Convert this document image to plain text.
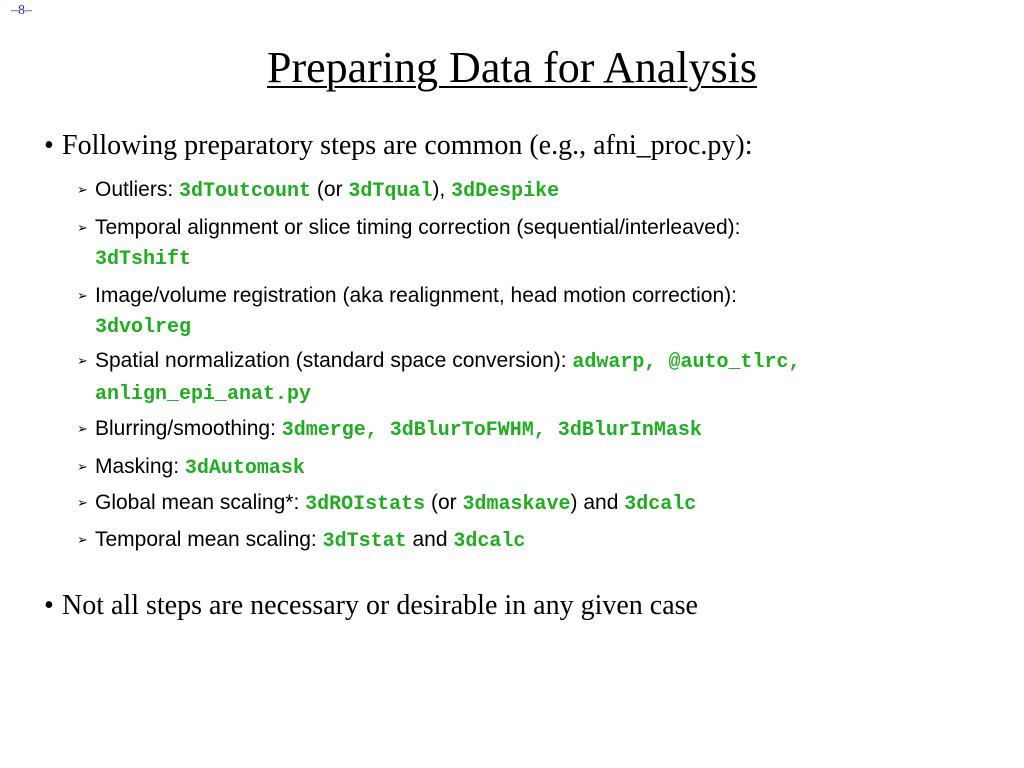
–8–
Preparing Data for Analysis
• Following preparatory steps are common (e.g., afni_proc.py):
➢ Outliers: 3dToutcount (or 3dTqual), 3dDespike
➢ Temporal alignment or slice timing correction (sequential/interleaved):
3dTshift
➢ Image/volume registration (aka realignment, head motion correction):
3dvolreg
➢ Spatial normalization (standard space conversion): adwarp, @auto_tlrc, anlign_epi_anat.py
➢ Blurring/smoothing: 3dmerge, 3dBlurToFWHM, 3dBlurInMask
➢ Masking: 3dAutomask
➢ Global mean scaling*: 3dROIstats (or 3dmaskave) and 3dcalc
➢ Temporal mean scaling: 3dTstat and 3dcalc
• Not all steps are necessary or desirable in any given case
